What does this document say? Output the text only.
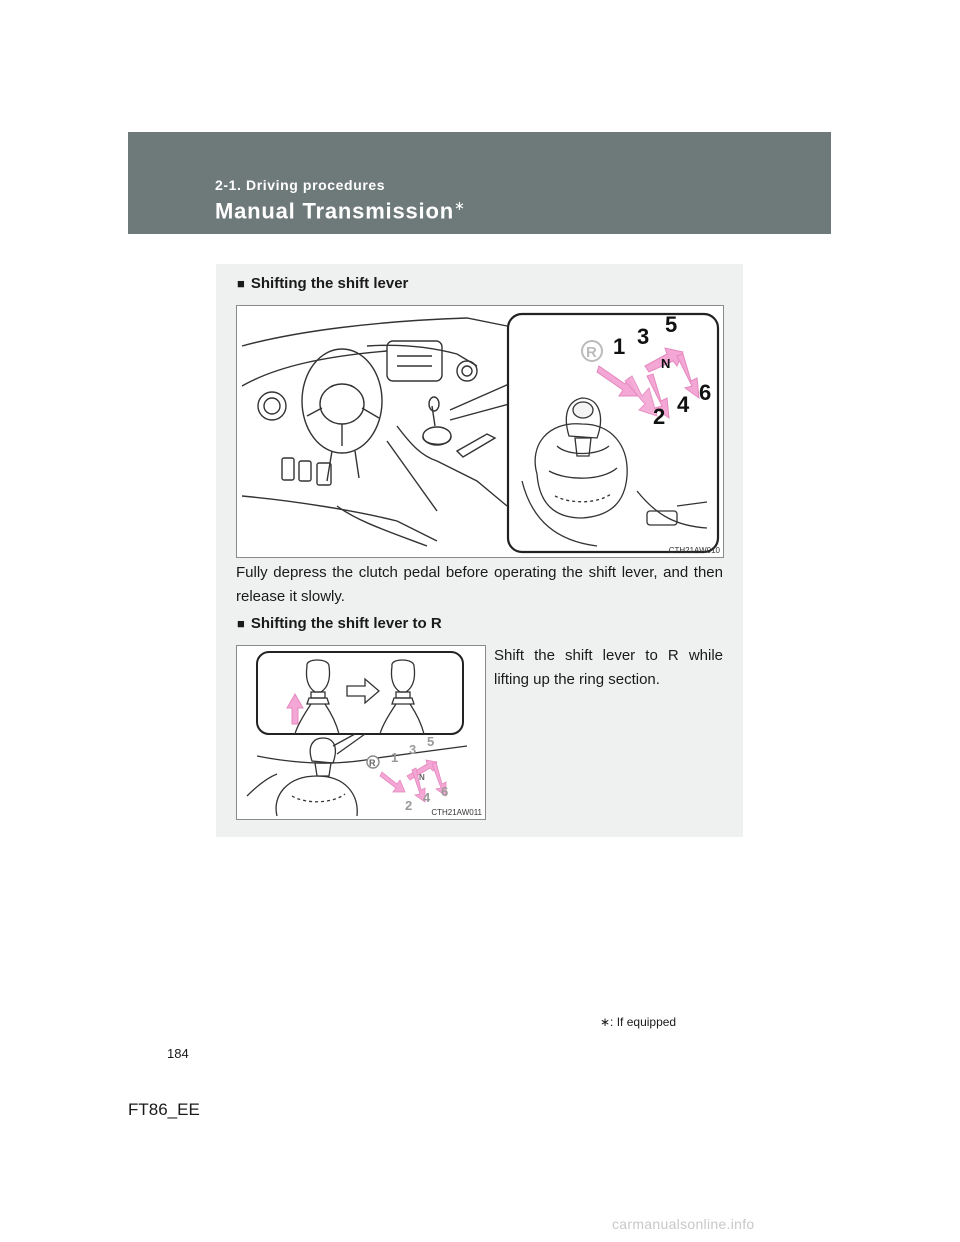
2-1. Driving procedures
Manual Transmission∗
■ Shifting the shift lever
R 1 3 5
N
2 4 6
CTH21AW010
Fully depress the clutch pedal before operating the shift lever, and then release it slowly.
■ Shifting the shift lever to R
R 1
3
5
N
2
4 6
CTH21AW011
Shift the shift lever to R while lifting up the ring section.
∗: If equipped
184
FT86_EE
carmanualsonline.info
